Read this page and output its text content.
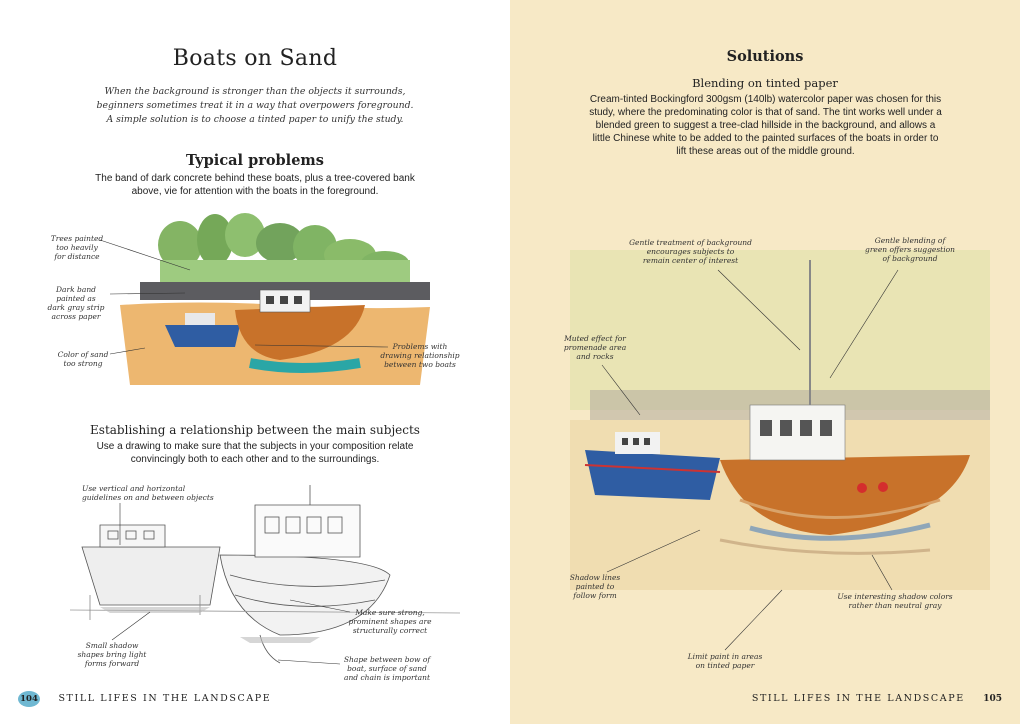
Boats on Sand
When the background is stronger than the objects it surrounds, beginners sometimes treat it in a way that overpowers foreground. A simple solution is to choose a tinted paper to unify the study.
Typical problems
The band of dark concrete behind these boats, plus a tree-covered bank above, vie for attention with the boats in the foreground.
Trees painted
too heavily
for distance
Dark band
painted as
dark gray strip
across paper
Color of sand
too strong
Problems with
drawing relationship
between two boats
Establishing a relationship between the main subjects
Use a drawing to make sure that the subjects in your composition relate convincingly both to each other and to the surroundings.
Use vertical and horizontal
guidelines on and between objects
Make sure strong,
prominent shapes are
structurally correct
Small shadow
shapes bring light
forms forward	Shape between bow of
boat, surface of sand
and chain is important
104 STILL LIFES IN THE LANDSCAPE
Solutions
Blending on tinted paper
Cream-tinted Bockingford 300gsm (140lb) watercolor paper was chosen for this study, where the predominating color is that of sand. The tint works well under a blended green to suggest a tree-clad hillside in the background, and allows a little Chinese white to be added to the painted surfaces of the boats in order to lift these areas out of the middle ground.
Gentle treatment of background
encourages subjects to
remain center of interest
Gentle blending of
green offers suggestion
of background
Muted effect for
promenade area
and rocks
Shadow lines
painted to
follow form	Use interesting shadow colors
rather than neutral gray
Limit paint in areas
on tinted paper
STILL LIFES IN THE LANDSCAPE 105
